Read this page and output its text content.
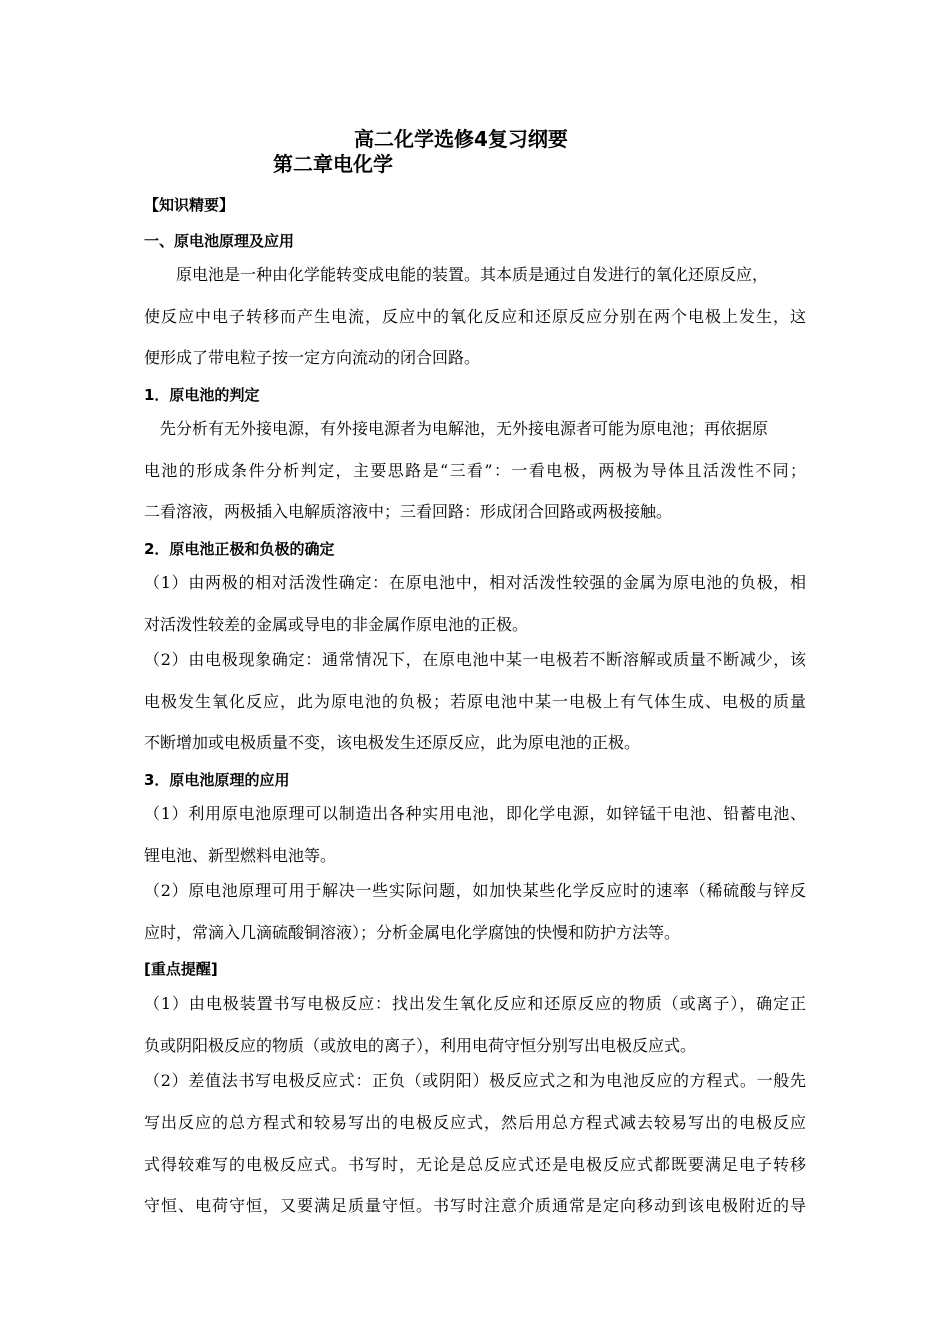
高二化学选修4复习纲要
第二章电化学
【知识精要】
一、原电池原理及应用
原电池是一种由化学能转变成电能的装置。其本质是通过自发进行的氧化还原反应，
使反应中电子转移而产生电流，反应中的氧化反应和还原反应分别在两个电极上发生，这
便形成了带电粒子按一定方向流动的闭合回路。
1．原电池的判定
先分析有无外接电源，有外接电源者为电解池，无外接电源者可能为原电池；再依据原
电池的形成条件分析判定，主要思路是“三看”：一看电极，两极为导体且活泼性不同；
二看溶液，两极插入电解质溶液中；三看回路：形成闭合回路或两极接触。
2．原电池正极和负极的确定
（1）由两极的相对活泼性确定：在原电池中，相对活泼性较强的金属为原电池的负极，相
对活泼性较差的金属或导电的非金属作原电池的正极。
（2）由电极现象确定：通常情况下，在原电池中某一电极若不断溶解或质量不断减少，该
电极发生氧化反应，此为原电池的负极；若原电池中某一电极上有气体生成、电极的质量
不断增加或电极质量不变，该电极发生还原反应，此为原电池的正极。
3．原电池原理的应用
（1）利用原电池原理可以制造出各种实用电池，即化学电源，如锌锰干电池、铅蓄电池、
锂电池、新型燃料电池等。
（2）原电池原理可用于解决一些实际问题，如加快某些化学反应时的速率（稀硫酸与锌反
应时，常滴入几滴硫酸铜溶液）；分析金属电化学腐蚀的快慢和防护方法等。
[重点提醒]
（1）由电极装置书写电极反应：找出发生氧化反应和还原反应的物质（或离子），确定正
负或阴阳极反应的物质（或放电的离子），利用电荷守恒分别写出电极反应式。
（2）差值法书写电极反应式：正负（或阴阳）极反应式之和为电池反应的方程式。一般先
写出反应的总方程式和较易写出的电极反应式，然后用总方程式减去较易写出的电极反应
式得较难写的电极反应式。书写时，无论是总反应式还是电极反应式都既要满足电子转移
守恒、电荷守恒，又要满足质量守恒。书写时注意介质通常是定向移动到该电极附近的导
